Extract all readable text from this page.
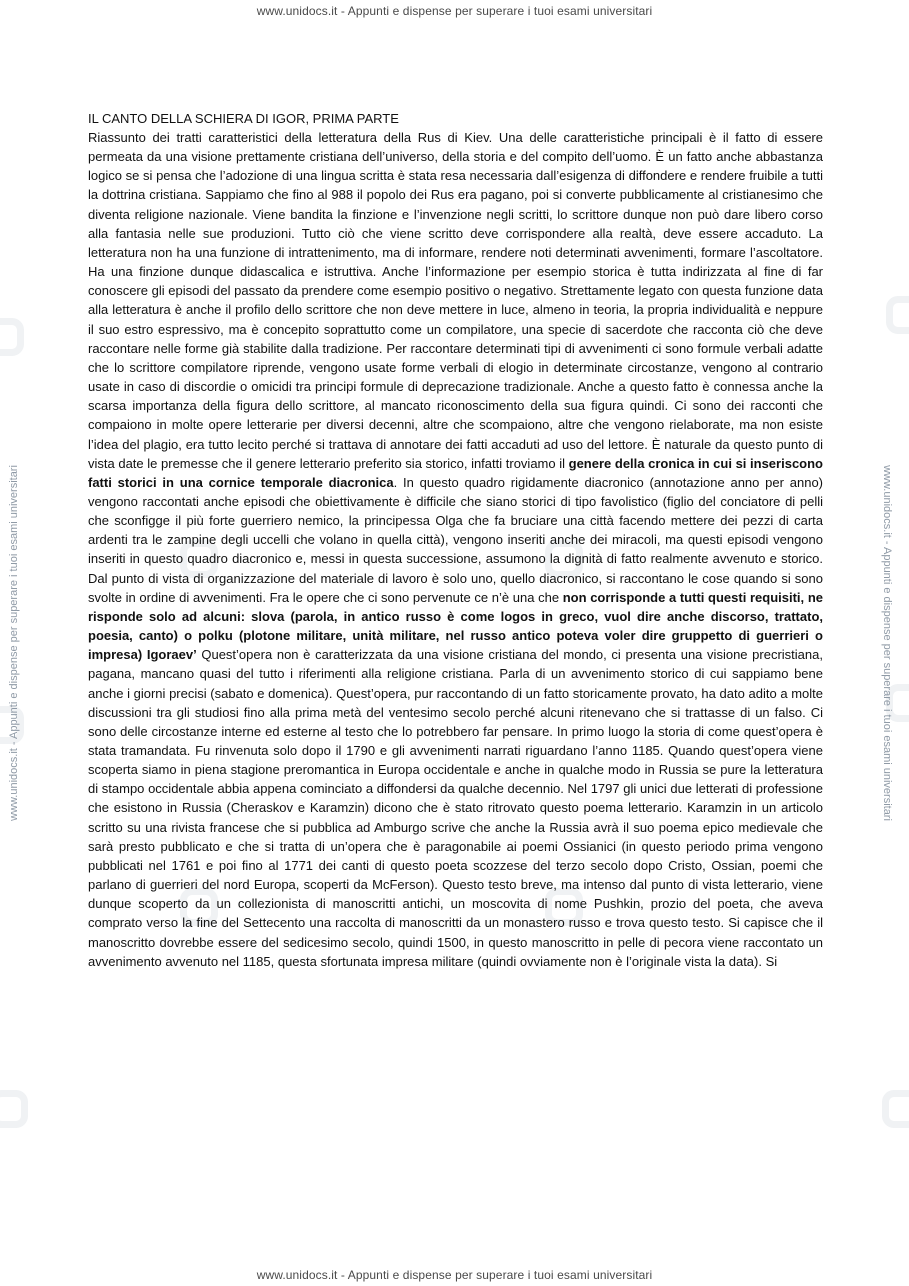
www.unidocs.it - Appunti e dispense per superare i tuoi esami universitari
www.unidocs.it - Appunti e dispense per superare i tuoi esami universitari	www.unidocs.it - Appunti e dispense per superare i tuoi esami universitari
IL CANTO DELLA SCHIERA DI IGOR, PRIMA PARTE

Riassunto dei tratti caratteristici della letteratura della Rus di Kiev. Una delle caratteristiche principali è il fatto di essere permeata da una visione prettamente cristiana dell’universo, della storia e del compito dell’uomo. È un fatto anche abbastanza logico se si pensa che l’adozione di una lingua scritta è stata resa necessaria dall’esigenza di diffondere e rendere fruibile a tutti la dottrina cristiana. Sappiamo che fino al 988 il popolo dei Rus era pagano, poi si converte pubblicamente al cristianesimo che diventa religione nazionale. Viene bandita la finzione e l’invenzione negli scritti, lo scrittore dunque non può dare libero corso alla fantasia nelle sue produzioni. Tutto ciò che viene scritto deve corrispondere alla realtà, deve essere accaduto. La letteratura non ha una funzione di intrattenimento, ma di informare, rendere noti determinati avvenimenti, formare l’ascoltatore. Ha una finzione dunque didascalica e istruttiva. Anche l’informazione per esempio storica è tutta indirizzata al fine di far conoscere gli episodi del passato da prendere come esempio positivo o negativo. Strettamente legato con questa funzione data alla letteratura è anche il profilo dello scrittore che non deve mettere in luce, almeno in teoria, la propria individualità e neppure il suo estro espressivo, ma è concepito soprattutto come un compilatore, una specie di sacerdote che racconta ciò che deve raccontare nelle forme già stabilite dalla tradizione. Per raccontare determinati tipi di avvenimenti ci sono formule verbali adatte che lo scrittore compilatore riprende, vengono usate forme verbali di elogio in determinate circostanze, vengono al contrario usate in caso di discordie o omicidi tra principi formule di deprecazione tradizionale. Anche a questo fatto è connessa anche la scarsa importanza della figura dello scrittore, al mancato riconoscimento della sua figura quindi. Ci sono dei racconti che compaiono in molte opere letterarie per diversi decenni, altre che scompaiono, altre che vengono rielaborate, ma non esiste l’idea del plagio, era tutto lecito perché si trattava di annotare dei fatti accaduti ad uso del lettore. È naturale da questo punto di vista date le premesse che il genere letterario preferito sia storico, infatti troviamo il genere della cronica in cui si inseriscono fatti storici in una cornice temporale diacronica. In questo quadro rigidamente diacronico (annotazione anno per anno) vengono raccontati anche episodi che obiettivamente è difficile che siano storici di tipo favolistico (figlio del conciatore di pelli che sconfigge il più forte guerriero nemico, la principessa Olga che fa bruciare una città facendo mettere dei pezzi di carta ardenti tra le zampine degli uccelli che volano in quella città), vengono inseriti anche dei miracoli, ma questi episodi vengono inseriti in questo quadro diacronico e, messi in questa successione, assumono la dignità di fatto realmente avvenuto e storico. Dal punto di vista di organizzazione del materiale di lavoro è solo uno, quello diacronico, si raccontano le cose quando si sono svolte in ordine di avvenimenti. Fra le opere che ci sono pervenute ce n’è una che non corrisponde a tutti questi requisiti, ne risponde solo ad alcuni: slova (parola, in antico russo è come logos in greco, vuol dire anche discorso, trattato, poesia, canto) o polku (plotone militare, unità militare, nel russo antico poteva voler dire gruppetto di guerrieri o impresa) Igoraev’ Quest’opera non è caratterizzata da una visione cristiana del mondo, ci presenta una visione precristiana, pagana, mancano quasi del tutto i riferimenti alla religione cristiana. Parla di un avvenimento storico di cui sappiamo bene anche i giorni precisi (sabato e domenica). Quest’opera, pur raccontando di un fatto storicamente provato, ha dato adito a molte discussioni tra gli studiosi fino alla prima metà del ventesimo secolo perché alcuni ritenevano che si trattasse di un falso. Ci sono delle circostanze interne ed esterne al testo che lo potrebbero far pensare. In primo luogo la storia di come quest’opera è stata tramandata. Fu rinvenuta solo dopo il 1790 e gli avvenimenti narrati riguardano l’anno 1185. Quando quest’opera viene scoperta siamo in piena stagione preromantica in Europa occidentale e anche in qualche modo in Russia se pure la letteratura di stampo occidentale abbia appena cominciato a diffondersi da qualche decennio. Nel 1797 gli unici due letterati di professione che esistono in Russia (Cheraskov e Karamzin) dicono che è stato ritrovato questo poema letterario. Karamzin in un articolo scritto su una rivista francese che si pubblica ad Amburgo scrive che anche la Russia avrà il suo poema epico medievale che sarà presto pubblicato e che si tratta di un’opera che è paragonabile ai poemi Ossianici (in questo periodo prima vengono pubblicati nel 1761 e poi fino al 1771 dei canti di questo poeta scozzese del terzo secolo dopo Cristo, Ossian, poemi che parlano di guerrieri del nord Europa, scoperti da McFerson). Questo testo breve, ma intenso dal punto di vista letterario, viene dunque scoperto da un collezionista di manoscritti antichi, un moscovita di nome Pushkin, prozio del poeta, che aveva comprato verso la fine del Settecento una raccolta di manoscritti da un monastero russo e trova questo testo. Si capisce che il manoscritto dovrebbe essere del sedicesimo secolo, quindi 1500, in questo manoscritto in pelle di pecora viene raccontato un avvenimento avvenuto nel 1185, questa sfortunata impresa militare (quindi ovviamente non è l’originale vista la data). Si

www.unidocs.it - Appunti e dispense per superare i tuoi esami universitari
